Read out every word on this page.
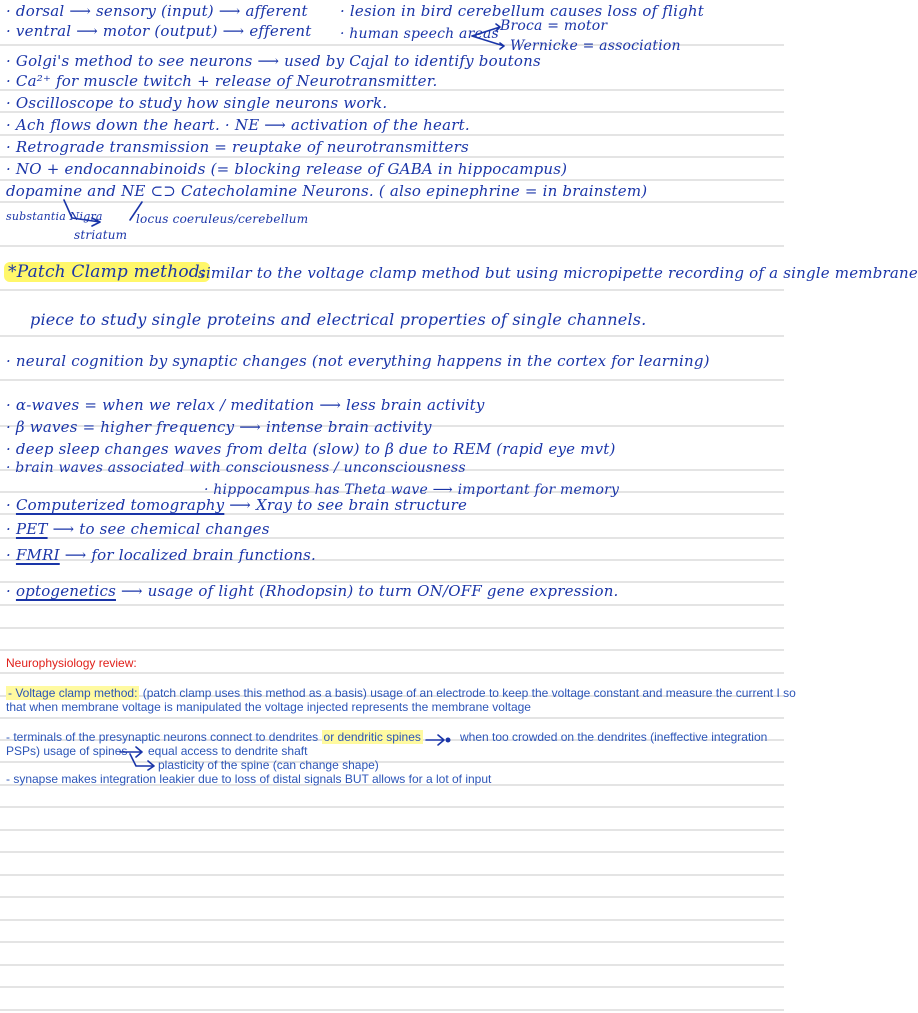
· dorsal ⟶ sensory (input) ⟶ afferent · lesion in bird cerebellum causes loss of flight
· ventral ⟶ motor (output) ⟶ efferent · human speech areas Broca = motor
Wernicke = association
· Golgi's method to see neurons ⟶ used by Cajal to identify boutons
· Ca²⁺ for muscle twitch + release of Neurotransmitter.
· Oscilloscope to study how single neurons work.
· Ach flows down the heart. · NE ⟶ activation of the heart.
· Retrograde transmission = reuptake of neurotransmitters
· NO + endocannabinoids (= blocking release of GABA in hippocampus)
dopamine and NE ⊂⊃ Catecholamine Neurons. ( also epinephrine = in brainstem)
substantia Nigra
striatum
locus coeruleus/cerebellum
*Patch Clamp method:
similar to the voltage clamp method but using micropipette recording of a single membrane
piece to study single proteins and electrical properties of single channels.
· neural cognition by synaptic changes (not everything happens in the cortex for learning)
· α-waves = when we relax / meditation ⟶ less brain activity
· β waves = higher frequency ⟶ intense brain activity
· deep sleep changes waves from delta (slow) to β due to REM (rapid eye mvt)
· brain waves associated with consciousness / unconsciousness
· hippocampus has Theta wave ⟶ important for memory
· Computerized tomography ⟶ Xray to see brain structure
· PET ⟶ to see chemical changes
· FMRI ⟶ for localized brain functions.
· optogenetics ⟶ usage of light (Rhodopsin) to turn ON/OFF gene expression.
Neurophysiology review:
- Voltage clamp method: (patch clamp uses this method as a basis) usage of an electrode to keep the voltage constant and measure the current I so
that when membrane voltage is manipulated the voltage injected represents the membrane voltage
- terminals of the presynaptic neurons connect to dendrites or dendritic spines	when too crowded on the dendrites (ineffective integration
PSPs) usage of spines equal access to dendrite shaft
plasticity of the spine (can change shape)
- synapse makes integration leakier due to loss of distal signals BUT allows for a lot of input
